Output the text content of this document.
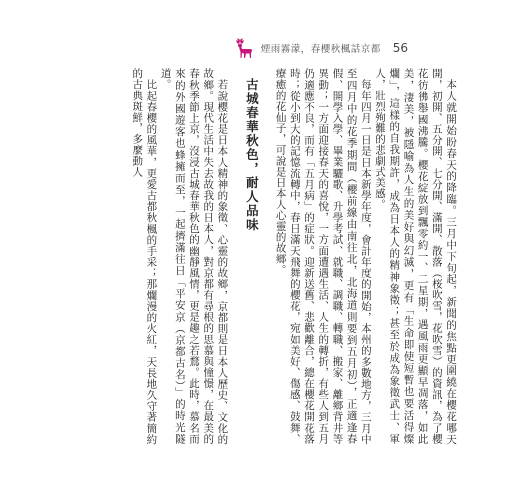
煙雨霧濛，春櫻秋楓話京都 56

本人就開始盼春天的降臨。三月中下旬起，新聞的焦點更圍繞在櫻花哪天開，初開、五分開、七分開、滿開、散落（桜吹雪，花吹雪）的資訊，為了櫻花彷彿舉國沸騰。櫻花綻放到飄零約一、二星期，遇風雨更顯早凋落，如此美，淒美，被隱喻為人生的美好與幻滅，更有「生命即使短暫也要活得燦爛」，這樣的自我期許，成為日本人的精神象徵；甚至於成為象徵武士、軍人，壯烈殉難的悲劇式美感。

每年四月一日是日本新學年度，會計年度的開始，本州的多數地方，三月中至四月中的花季期間（櫻前線由南往北，北海道則要到五月初），正適逢春假、開學入學、畢業驪歌、升學考試、就職、調職、轉職、搬家、離鄉背井等異動；一方面迎接春天的喜悅，一方面遭遇生活、人生的轉折，有些人到五月仍適應不良，而有「五月病」的症狀。迎新送舊、悲歡離合，總在櫻花開花落時；從小到大的記憶流轉中，春日滿天飛舞的櫻花，宛如美好、傷感、鼓舞、療癒的花仙子，可說是日本人心靈的故鄉。

古城春華秋色，耐人品味

若說櫻花是日本人精神的象徵、心靈的故鄉，京都則是日本人歷史、文化的故鄉。現代生活中失去故我的日本人，對京都有尋根的思慕與憧憬，在最美的春秋季節上京，沒浸古城春華秋色的幽靜風情，更是趣之若鶩。此時，慕名而來的外國遊客也蜂擁而至，一起擠滿往日「平安京（京都古名）」的時光隧道。

比起春櫻的風華，更愛古都秋楓的手采；那爛漫的火紅，天長地久守著簡約的古典斑鮮，多麼動人
